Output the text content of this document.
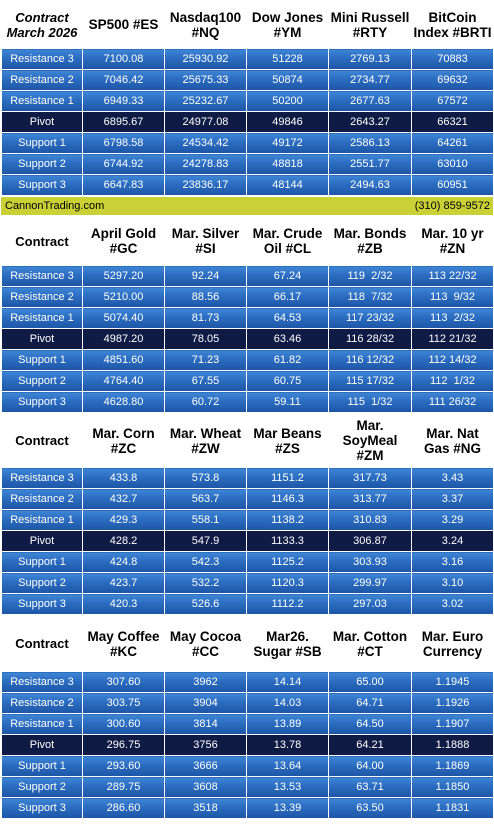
Contract March 2026	SP500 #ES	Nasdaq100 #NQ	Dow Jones #YM	Mini Russell #RTY	BitCoin Index #BRTI
Resistance 3	7100.08	25930.92	51228	2769.13	70883
Resistance 2	7046.42	25675.33	50874	2734.77	69632
Resistance 1	6949.33	25232.67	50200	2677.63	67572
Pivot	6895.67	24977.08	49846	2643.27	66321
Support 1	6798.58	24534.42	49172	2586.13	64261
Support 2	6744.92	24278.83	48818	2551.77	63010
Support 3	6647.83	23836.17	48144	2494.63	60951
CannonTrading.com	(310) 859-9572
Contract	April Gold #GC	Mar. Silver #SI	Mar. Crude Oil #CL	Mar. Bonds #ZB	Mar. 10 yr #ZN
Resistance 3	5297.20	92.24	67.24	119  2/32	113 22/32
Resistance 2	5210.00	88.56	66.17	118  7/32	113  9/32
Resistance 1	5074.40	81.73	64.53	117 23/32	113  2/32
Pivot	4987.20	78.05	63.46	116 28/32	112 21/32
Support 1	4851.60	71.23	61.82	116 12/32	112 14/32
Support 2	4764.40	67.55	60.75	115 17/32	112  1/32
Support 3	4628.80	60.72	59.11	115  1/32	111 26/32
Contract	Mar. Corn #ZC	Mar. Wheat #ZW	Mar Beans #ZS	Mar. SoyMeal #ZM	Mar. Nat Gas #NG
Resistance 3	433.8	573.8	1151.2	317.73	3.43
Resistance 2	432.7	563.7	1146.3	313.77	3.37
Resistance 1	429.3	558.1	1138.2	310.83	3.29
Pivot	428.2	547.9	1133.3	306.87	3.24
Support 1	424.8	542.3	1125.2	303.93	3.16
Support 2	423.7	532.2	1120.3	299.97	3.10
Support 3	420.3	526.6	1112.2	297.03	3.02
Contract	May Coffee #KC	May Cocoa #CC	Mar26. Sugar #SB	Mar. Cotton #CT	Mar. Euro Currency
Resistance 3	307.60	3962	14.14	65.00	1.1945
Resistance 2	303.75	3904	14.03	64.71	1.1926
Resistance 1	300.60	3814	13.89	64.50	1.1907
Pivot	296.75	3756	13.78	64.21	1.1888
Support 1	293.60	3666	13.64	64.00	1.1869
Support 2	289.75	3608	13.53	63.71	1.1850
Support 3	286.60	3518	13.39	63.50	1.1831
